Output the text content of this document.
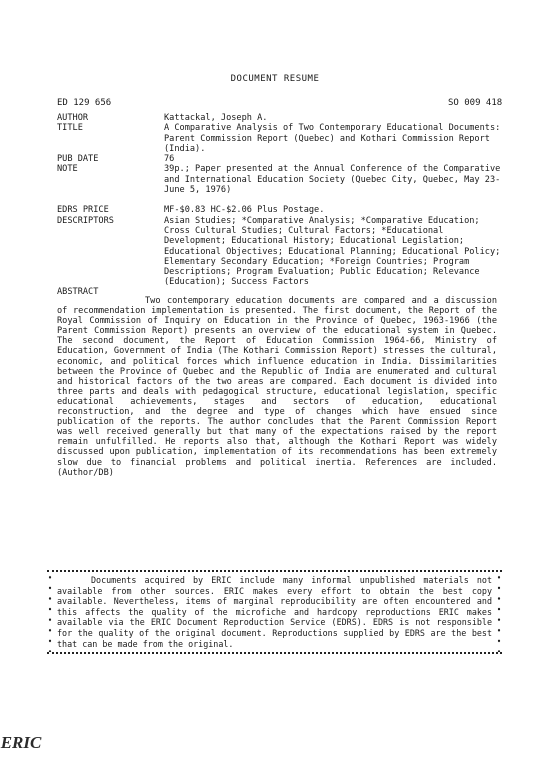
DOCUMENT RESUME
ED 129 656	SO 009 418
AUTHOR	Kattackal, Joseph A.
TITLE	A Comparative Analysis of Two Contemporary Educational Documents: Parent Commission Report (Quebec) and Kothari Commission Report (India).
PUB DATE	76
NOTE	39p.; Paper presented at the Annual Conference of the Comparative and International Education Society (Quebec City, Quebec, May 23-June 5, 1976)
EDRS PRICE	MF-$0.83 HC-$2.06 Plus Postage.
DESCRIPTORS	Asian Studies; *Comparative Analysis; *Comparative Education; Cross Cultural Studies; Cultural Factors; *Educational Development; Educational History; Educational Legislation; Educational Objectives; Educational Planning; Educational Policy; Elementary Secondary Education; *Foreign Countries; Program Descriptions; Program Evaluation; Public Education; Relevance (Education); Success Factors
ABSTRACT
Two contemporary education documents are compared and a discussion of recommendation implementation is presented. The first document, the Report of the Royal Commission of Inquiry on Education in the Province of Quebec, 1963-1966 (the Parent Commission Report) presents an overview of the educational system in Quebec. The second document, the Report of Education Commission 1964-66, Ministry of Education, Government of India (The Kothari Commission Report) stresses the cultural, economic, and political forces which influence education in India. Dissimilarities between the Province of Quebec and the Republic of India are enumerated and cultural and historical factors of the two areas are compared. Each document is divided into three parts and deals with pedagogical structure, educational legislation, specific educational achievements, stages and sectors of education, educational reconstruction, and the degree and type of changes which have ensued since publication of the reports. The author concludes that the Parent Commission Report was well received generally but that many of the expectations raised by the report remain unfulfilled. He reports also that, although the Kothari Report was widely discussed upon publication, implementation of its recommendations has been extremely slow due to financial problems and political inertia. References are included. (Author/DB)
Documents acquired by ERIC include many informal unpublished materials not available from other sources. ERIC makes every effort to obtain the best copy available. Nevertheless, items of marginal reproducibility are often encountered and this affects the quality of the microfiche and hardcopy reproductions ERIC makes available via the ERIC Document Reproduction Service (EDRS). EDRS is not responsible for the quality of the original document. Reproductions supplied by EDRS are the best that can be made from the original.
ERIC
